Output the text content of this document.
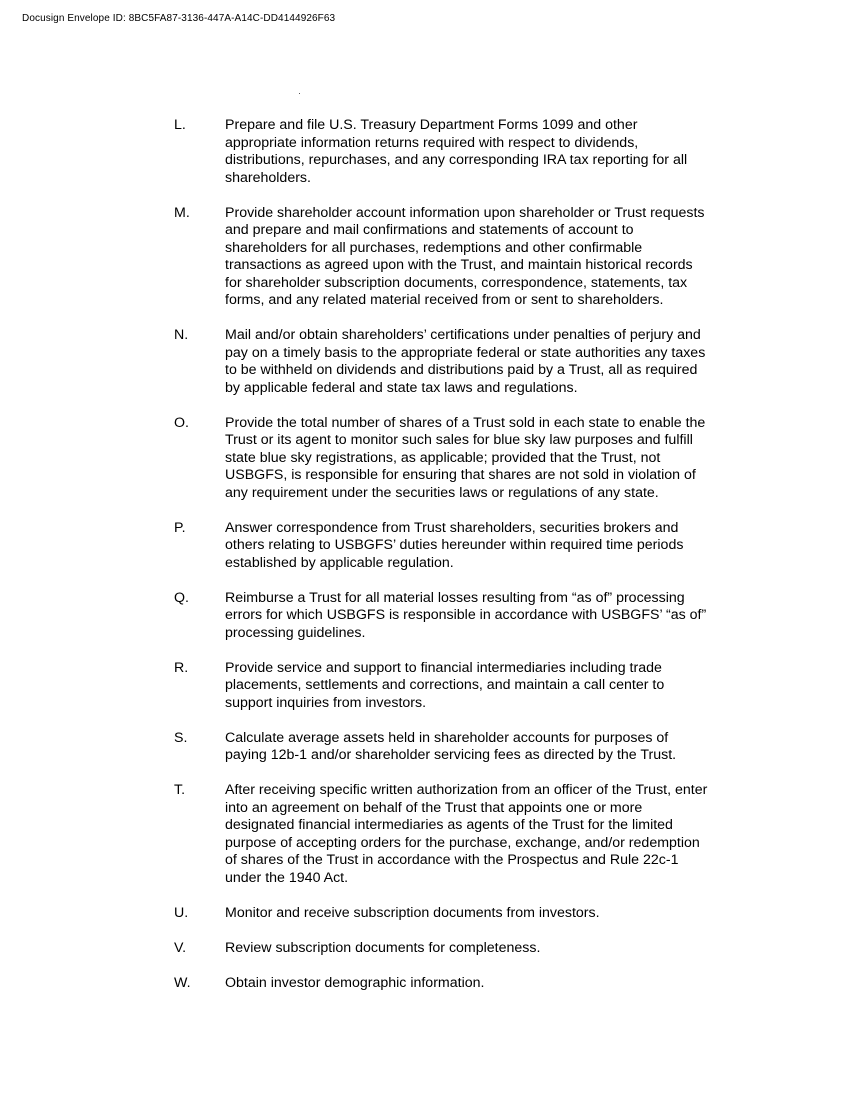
Docusign Envelope ID: 8BC5FA87-3136-447A-A14C-DD4144926F63
L.	Prepare and file U.S. Treasury Department Forms 1099 and other
appropriate information returns required with respect to dividends,
distributions, repurchases, and any corresponding IRA tax reporting for all
shareholders.
M.	Provide shareholder account information upon shareholder or Trust requests
and prepare and mail confirmations and statements of account to
shareholders for all purchases, redemptions and other confirmable
transactions as agreed upon with the Trust, and maintain historical records
for shareholder subscription documents, correspondence, statements, tax
forms, and any related material received from or sent to shareholders.
N.	Mail and/or obtain shareholders’ certifications under penalties of perjury and
pay on a timely basis to the appropriate federal or state authorities any taxes
to be withheld on dividends and distributions paid by a Trust, all as required
by applicable federal and state tax laws and regulations.
O.	Provide the total number of shares of a Trust sold in each state to enable the
Trust or its agent to monitor such sales for blue sky law purposes and fulfill
state blue sky registrations, as applicable; provided that the Trust, not
USBGFS, is responsible for ensuring that shares are not sold in violation of
any requirement under the securities laws or regulations of any state.
P.	Answer correspondence from Trust shareholders, securities brokers and
others relating to USBGFS’ duties hereunder within required time periods
established by applicable regulation.
Q.	Reimburse a Trust for all material losses resulting from “as of” processing
errors for which USBGFS is responsible in accordance with USBGFS’ “as of”
processing guidelines.
R.	Provide service and support to financial intermediaries including trade
placements, settlements and corrections, and maintain a call center to
support inquiries from investors.
S.	Calculate average assets held in shareholder accounts for purposes of
paying 12b-1 and/or shareholder servicing fees as directed by the Trust.
T.	After receiving specific written authorization from an officer of the Trust, enter
into an agreement on behalf of the Trust that appoints one or more
designated financial intermediaries as agents of the Trust for the limited
purpose of accepting orders for the purchase, exchange, and/or redemption
of shares of the Trust in accordance with the Prospectus and Rule 22c-1
under the 1940 Act.
U.	Monitor and receive subscription documents from investors.
V.	Review subscription documents for completeness.
W.	Obtain investor demographic information.
